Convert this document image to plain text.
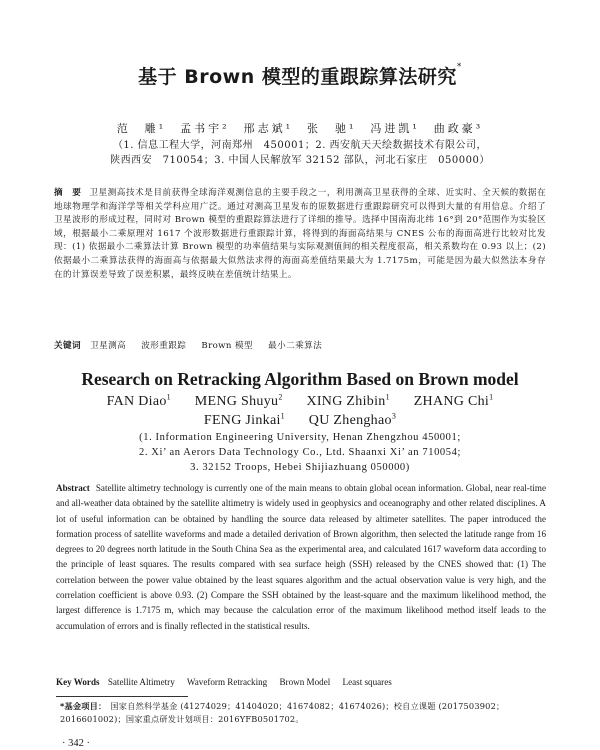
基于 Brown 模型的重跟踪算法研究*
范　雕¹　孟书宇²　邢志斌¹　张　驰¹　冯进凯¹　曲政豪³
（1. 信息工程大学，河南郑州　450001；2. 西安航天天绘数据技术有限公司，
陕西西安　710054；3. 中国人民解放军 32152 部队，河北石家庄　050000）
摘　要 卫星测高技术是目前获得全球海洋观测信息的主要手段之一，利用测高卫星获得的全球、近实时、全天候的数据在地球物理学和海洋学等相关学科应用广泛。通过对测高卫星发布的原数据进行重跟踪研究可以得到大量的有用信息。介绍了卫星波形的形成过程，同时对 Brown 模型的重跟踪算法进行了详细的推导。选择中国南海北纬 16°到 20°范围作为实验区域，根据最小二乘原理对 1617 个波形数据进行重跟踪计算，将得到的海面高结果与 CNES 公布的海面高进行比较对比发现：(1) 依据最小二乘算法计算 Brown 模型的功率值结果与实际观测值间的相关程度很高，相关系数均在 0.93 以上；(2) 依据最小二乘算法获得的海面高与依据最大似然法求得的海面高差值结果最大为 1.7175m，可能是因为最大似然法本身存在的计算误差导致了误差积累，最终反映在差值统计结果上。
关键词 卫星测高 波形重跟踪 Brown 模型 最小二乘算法
Research on Retracking Algorithm Based on Brown model
FAN Diao$^1$ MENG Shuyu$^2$ XING Zhibin$^1$ ZHANG Chi$^1$
FENG Jinkai$^1$ QU Zhenghao$^3$
(1. Information Engineering University, Henan Zhengzhou 450001;
2. Xi’ an Aerors Data Technology Co., Ltd. Shaanxi Xi’ an 710054;
3. 32152 Troops, Hebei Shijiazhuang 050000)
Abstract Satellite altimetry technology is currently one of the main means to obtain global ocean information. Global, near real-time and all-weather data obtained by the satellite altimetry is widely used in geophysics and oceanography and other related disciplines. A lot of useful information can be obtained by handling the source data released by altimeter satellites. The paper introduced the formation process of satellite waveforms and made a detailed derivation of Brown algorithm, then selected the latitude range from 16 degrees to 20 degrees north latitude in the South China Sea as the experimental area, and calculated 1617 waveform data according to the principle of least squares. The results compared with sea surface heigh (SSH) released by the CNES showed that: (1) The correlation between the power value obtained by the least squares algorithm and the actual observation value is very high, and the correlation coefficient is above 0.93. (2) Compare the SSH obtained by the least-square and the maximum likelihood method, the largest difference is 1.7175 m, which may because the calculation error of the maximum likelihood method itself leads to the accumulation of errors and is finally reflected in the statistical results.
Key Words Satellite Altimetry Waveform Retracking Brown Model Least squares
*基金项目： 国家自然科学基金 (41274029；41404020；41674082；41674026)；校自立课题 (2017503902；2016601002)；国家重点研发计划项目：2016YFB0501702。
· 342 ·
